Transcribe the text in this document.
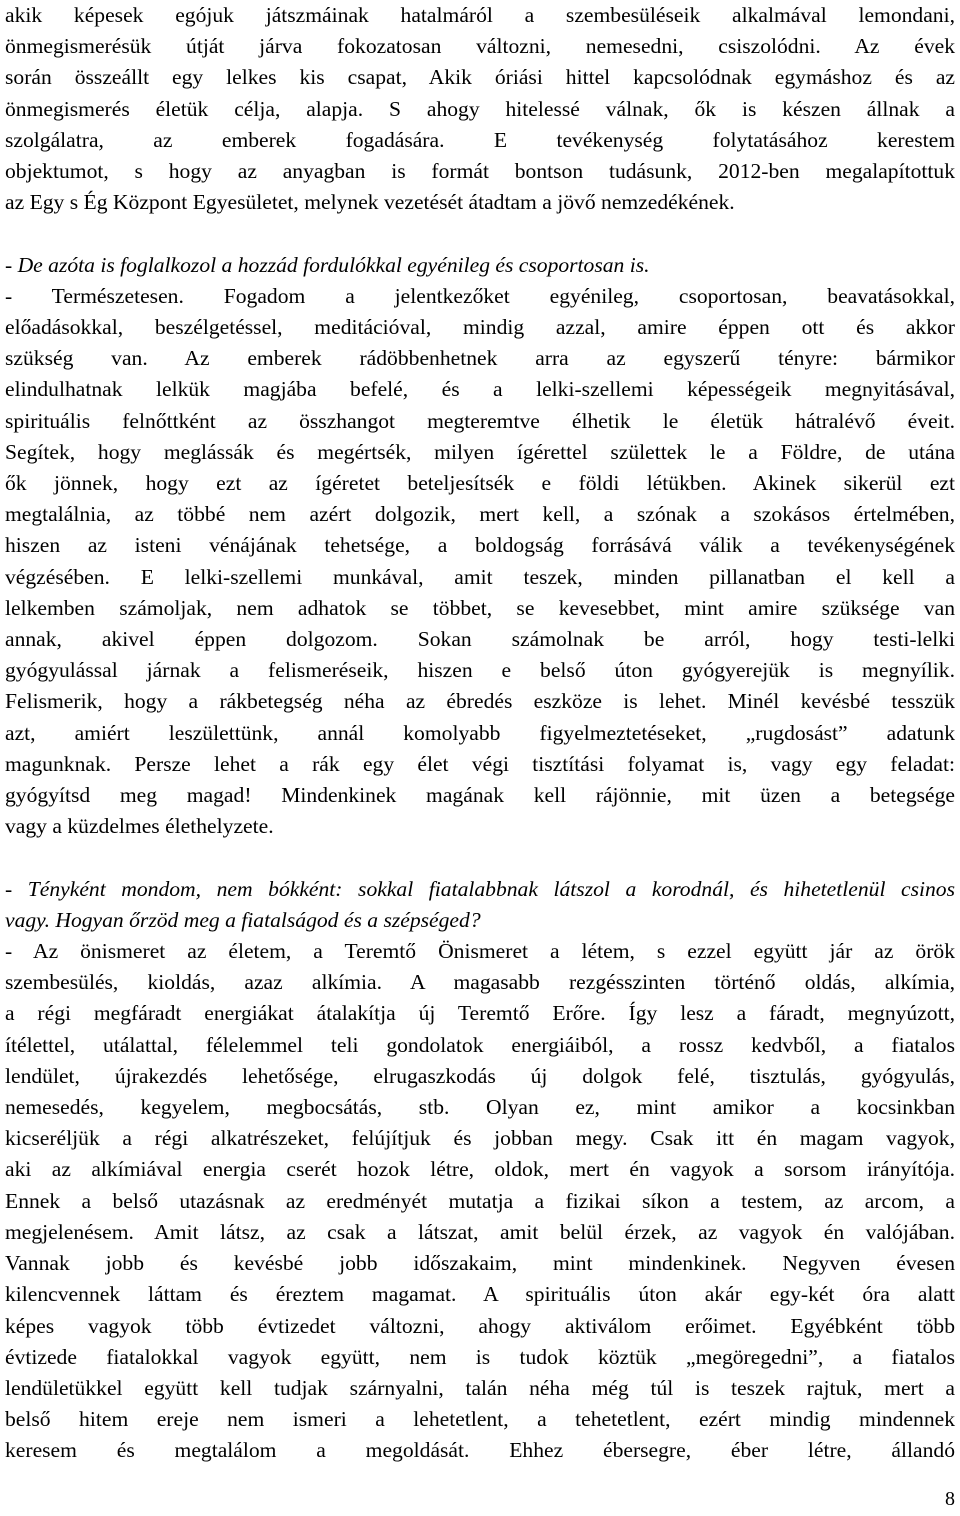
akik képesek egójuk játszmáinak hatalmáról a szembesüléseik alkalmával lemondani,
önmegismerésük útját járva fokozatosan változni, nemesedni, csiszolódni. Az évek
során összeállt egy lelkes kis csapat, Akik óriási hittel kapcsolódnak egymáshoz és az
önmegismerés életük célja, alapja. S ahogy hitelessé válnak, ők is készen állnak a
szolgálatra, az emberek fogadására. E tevékenység folytatásához kerestem
objektumot, s hogy az anyagban is formát bontson tudásunk, 2012-ben megalapítottuk
az Egy s Ég Központ Egyesületet, melynek vezetését átadtam a jövő nemzedékének.
- De azóta is foglalkozol a hozzád fordulókkal egyénileg és csoportosan is.
- Természetesen. Fogadom a jelentkezőket egyénileg, csoportosan, beavatásokkal,
előadásokkal, beszélgetéssel, meditációval, mindig azzal, amire éppen ott és akkor
szükség van. Az emberek rádöbbenhetnek arra az egyszerű tényre: bármikor
elindulhatnak lelkük magjába befelé, és a lelki-szellemi képességeik megnyitásával,
spirituális felnőttként az összhangot megteremtve élhetik le életük hátralévő éveit.
Segítek, hogy meglássák és megértsék, milyen ígérettel születtek le a Földre, de utána
ők jönnek, hogy ezt az ígéretet beteljesítsék e földi létükben. Akinek sikerül ezt
megtalálnia, az többé nem azért dolgozik, mert kell, a szónak a szokásos értelmében,
hiszen az isteni vénájának tehetsége, a boldogság forrásává válik a tevékenységének
végzésében. E lelki-szellemi munkával, amit teszek, minden pillanatban el kell a
lelkemben számoljak, nem adhatok se többet, se kevesebbet, mint amire szüksége van
annak, akivel éppen dolgozom. Sokan számolnak be arról, hogy testi-lelki
gyógyulással járnak a felismeréseik, hiszen e belső úton gyógyerejük is megnyílik.
Felismerik, hogy a rákbetegség néha az ébredés eszköze is lehet. Minél kevésbé tesszük
azt, amiért leszülettünk, annál komolyabb figyelmeztetéseket, „rugdosást” adatunk
magunknak. Persze lehet a rák egy élet végi tisztítási folyamat is, vagy egy feladat:
gyógyítsd meg magad! Mindenkinek magának kell rájönnie, mit üzen a betegsége
vagy a küzdelmes élethelyzete.
- Tényként mondom, nem bókként: sokkal fiatalabbnak látszol a korodnál, és hihetetlenül csinos
vagy. Hogyan őrzöd meg a fiatalságod és a szépséged?
- Az önismeret az életem, a Teremtő Önismeret a létem, s ezzel együtt jár az örök
szembesülés, kioldás, azaz alkímia. A magasabb rezgésszinten történő oldás, alkímia,
a régi megfáradt energiákat átalakítja új Teremtő Erőre. Így lesz a fáradt, megnyúzott,
ítélettel, utálattal, félelemmel teli gondolatok energiáiból, a rossz kedvből, a fiatalos
lendület, újrakezdés lehetősége, elrugaszkodás új dolgok felé, tisztulás, gyógyulás,
nemesedés, kegyelem, megbocsátás, stb. Olyan ez, mint amikor a kocsinkban
kicseréljük a régi alkatrészeket, felújítjuk és jobban megy. Csak itt én magam vagyok,
aki az alkímiával energia cserét hozok létre, oldok, mert én vagyok a sorsom irányítója.
Ennek a belső utazásnak az eredményét mutatja a fizikai síkon a testem, az arcom, a
megjelenésem. Amit látsz, az csak a látszat, amit belül érzek, az vagyok én valójában.
Vannak jobb és kevésbé jobb időszakaim, mint mindenkinek. Negyven évesen
kilencvennek láttam és éreztem magamat. A spirituális úton akár egy-két óra alatt
képes vagyok több évtizedet változni, ahogy aktiválom erőimet. Egyébként több
évtizede fiatalokkal vagyok együtt, nem is tudok köztük „megöregedni”, a fiatalos
lendületükkel együtt kell tudjak szárnyalni, talán néha még túl is teszek rajtuk, mert a
belső hitem ereje nem ismeri a lehetetlent, a tehetetlent, ezért mindig mindennek
keresem és megtalálom a megoldását. Ehhez ébersegre, éber létre, állandó
8
